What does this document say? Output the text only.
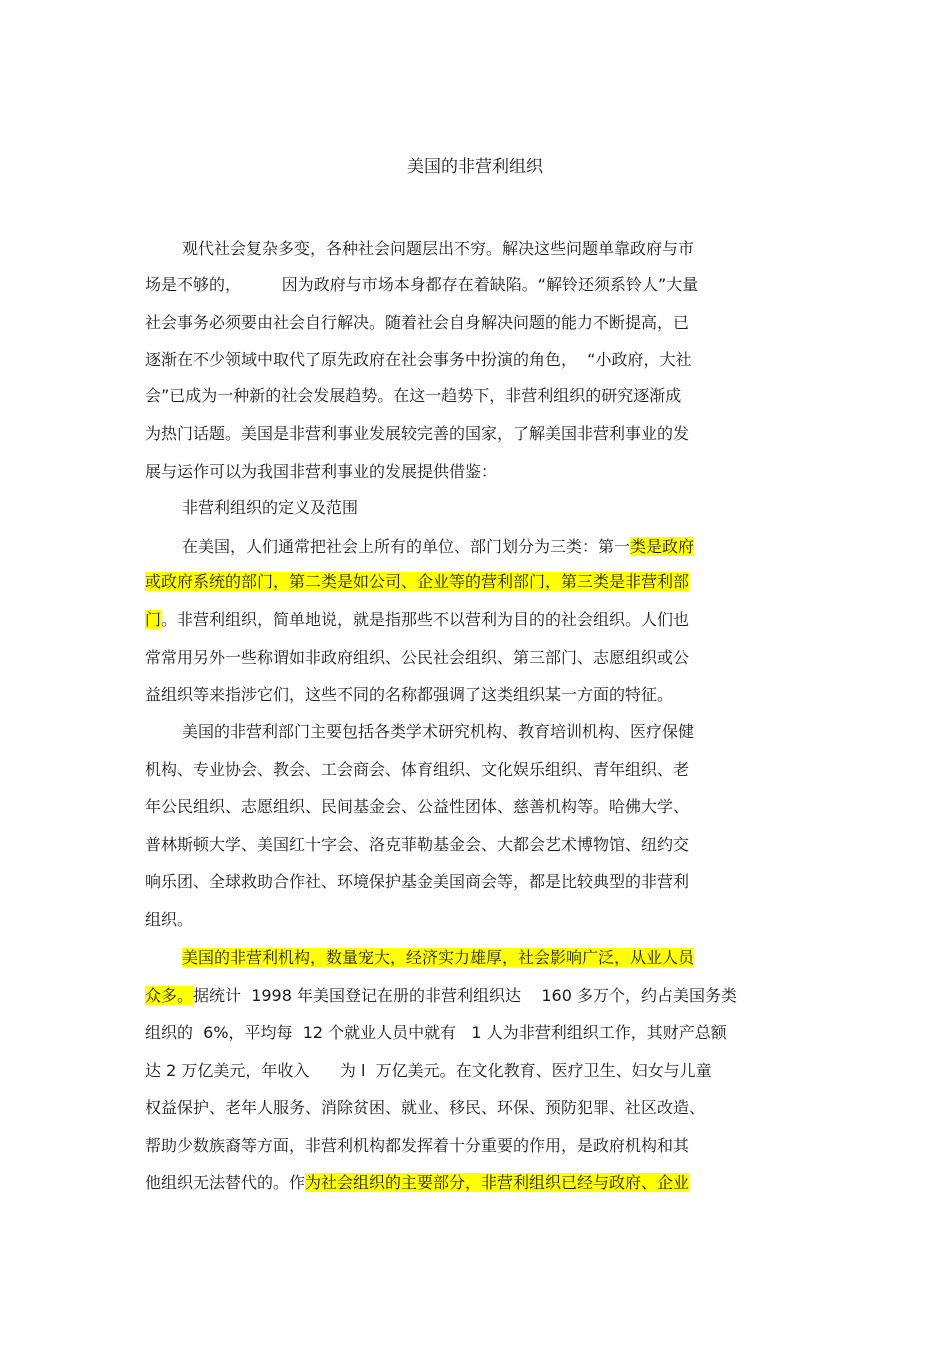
美国的非营利组织
观代社会复杂多变，各种社会问题层出不穷。解决这些问题单靠政府与市
场是不够的，        因为政府与市场本身都存在着缺陷。“解铃还须系铃人”大量
社会事务必须要由社会自行解决。随着社会自身解决问题的能力不断提高，已
逐渐在不少领域中取代了原先政府在社会事务中扮演的角色，  “小政府，大社
会”已成为一种新的社会发展趋势。在这一趋势下，非营利组织的研究逐渐成
为热门话题。美国是非营利事业发展较完善的国家，了解美国非营利事业的发
展与运作可以为我国非营利事业的发展提供借鉴：
非营利组织的定义及范围
在美国，人们通常把社会上所有的单位、部门划分为三类：第一类是政府
或政府系统的部门，第二类是如公司、企业等的营利部门，第三类是非营利部
门。非营利组织，简单地说，就是指那些不以营利为目的的社会组织。人们也
常常用另外一些称谓如非政府组织、公民社会组织、第三部门、志愿组织或公
益组织等来指涉它们，这些不同的名称都强调了这类组织某一方面的特征。
美国的非营利部门主要包括各类学术研究机构、教育培训机构、医疗保健
机构、专业协会、教会、工会商会、体育组织、文化娱乐组织、青年组织、老
年公民组织、志愿组织、民间基金会、公益性团体、慈善机构等。哈佛大学、
普林斯顿大学、美国红十字会、洛克菲勒基金会、大都会艺术博物馆、纽约交
响乐团、全球救助合作社、环境保护基金美国商会等，都是比较典型的非营利
组织。
美国的非营利机构，数量宠大，经济实力雄厚，社会影响广泛，从业人员
众多。据统计  1998 年美国登记在册的非营利组织达    160 多万个，约占美国务类
组织的  6%，平均每  12 个就业人员中就有   1 人为非营利组织工作，其财产总额
达 2 万亿美元，年收入      为 l  万亿美元。在文化教育、医疗卫生、妇女与儿童
权益保护、老年人服务、消除贫困、就业、移民、环保、预防犯罪、社区改造、
帮助少数族裔等方面，非营利机构都发挥着十分重要的作用，是政府机构和其
他组织无法替代的。作为社会组织的主要部分，非营利组织已经与政府、企业
